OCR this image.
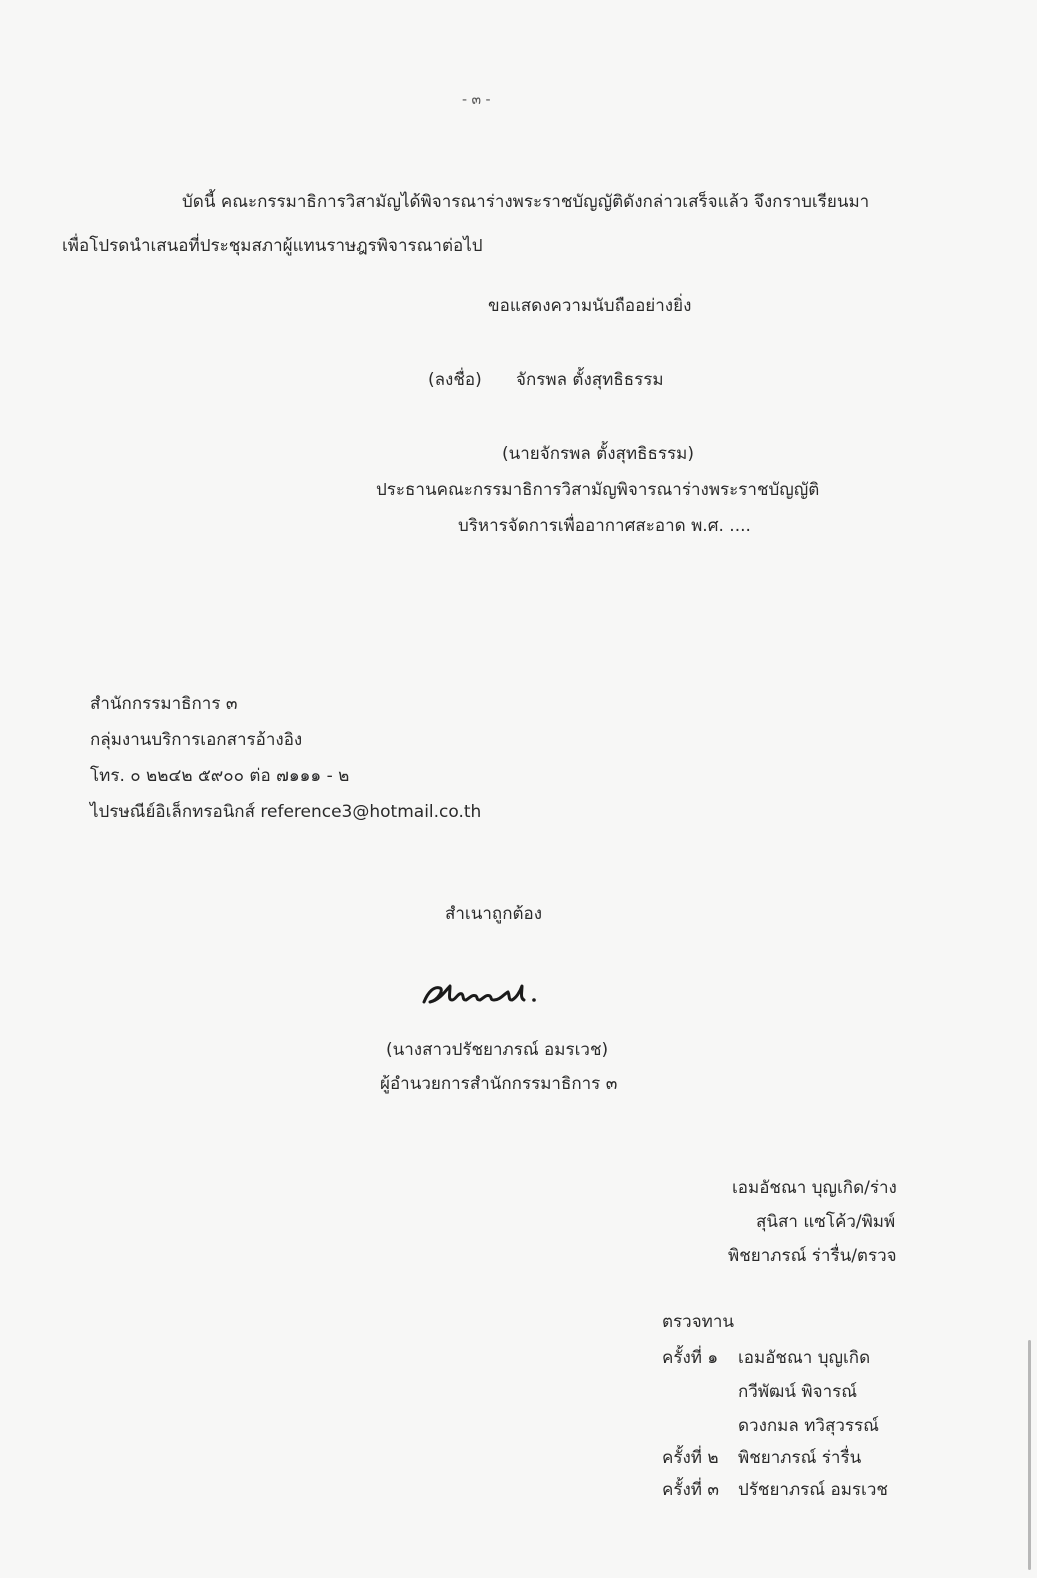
- ๓ -
บัดนี้ คณะกรรมาธิการวิสามัญได้พิจารณาร่างพระราชบัญญัติดังกล่าวเสร็จแล้ว จึงกราบเรียนมา
เพื่อโปรดนำเสนอที่ประชุมสภาผู้แทนราษฎรพิจารณาต่อไป
ขอแสดงความนับถืออย่างยิ่ง
(ลงชื่อ) จักรพล ตั้งสุทธิธรรม
(นายจักรพล ตั้งสุทธิธรรม)
ประธานคณะกรรมาธิการวิสามัญพิจารณาร่างพระราชบัญญัติ
บริหารจัดการเพื่ออากาศสะอาด พ.ศ. ....
สำนักกรรมาธิการ ๓
กลุ่มงานบริการเอกสารอ้างอิง
โทร. ๐ ๒๒๔๒ ๕๙๐๐ ต่อ ๗๑๑๑ - ๒
ไปรษณีย์อิเล็กทรอนิกส์ reference3@hotmail.co.th
สำเนาถูกต้อง
(นางสาวปรัชยาภรณ์ อมรเวช)
ผู้อำนวยการสำนักกรรมาธิการ ๓
เอมอัชณา บุญเกิด/ร่าง
สุนิสา แซโค้ว/พิมพ์
พิชยาภรณ์ ร่ารื่น/ตรวจ
ตรวจทาน
ครั้งที่ ๑ เอมอัชณา บุญเกิด
กวีพัฒน์ พิจารณ์
ดวงกมล ทวิสุวรรณ์
ครั้งที่ ๒ พิชยาภรณ์ ร่ารื่น
ครั้งที่ ๓ ปรัชยาภรณ์ อมรเวช
